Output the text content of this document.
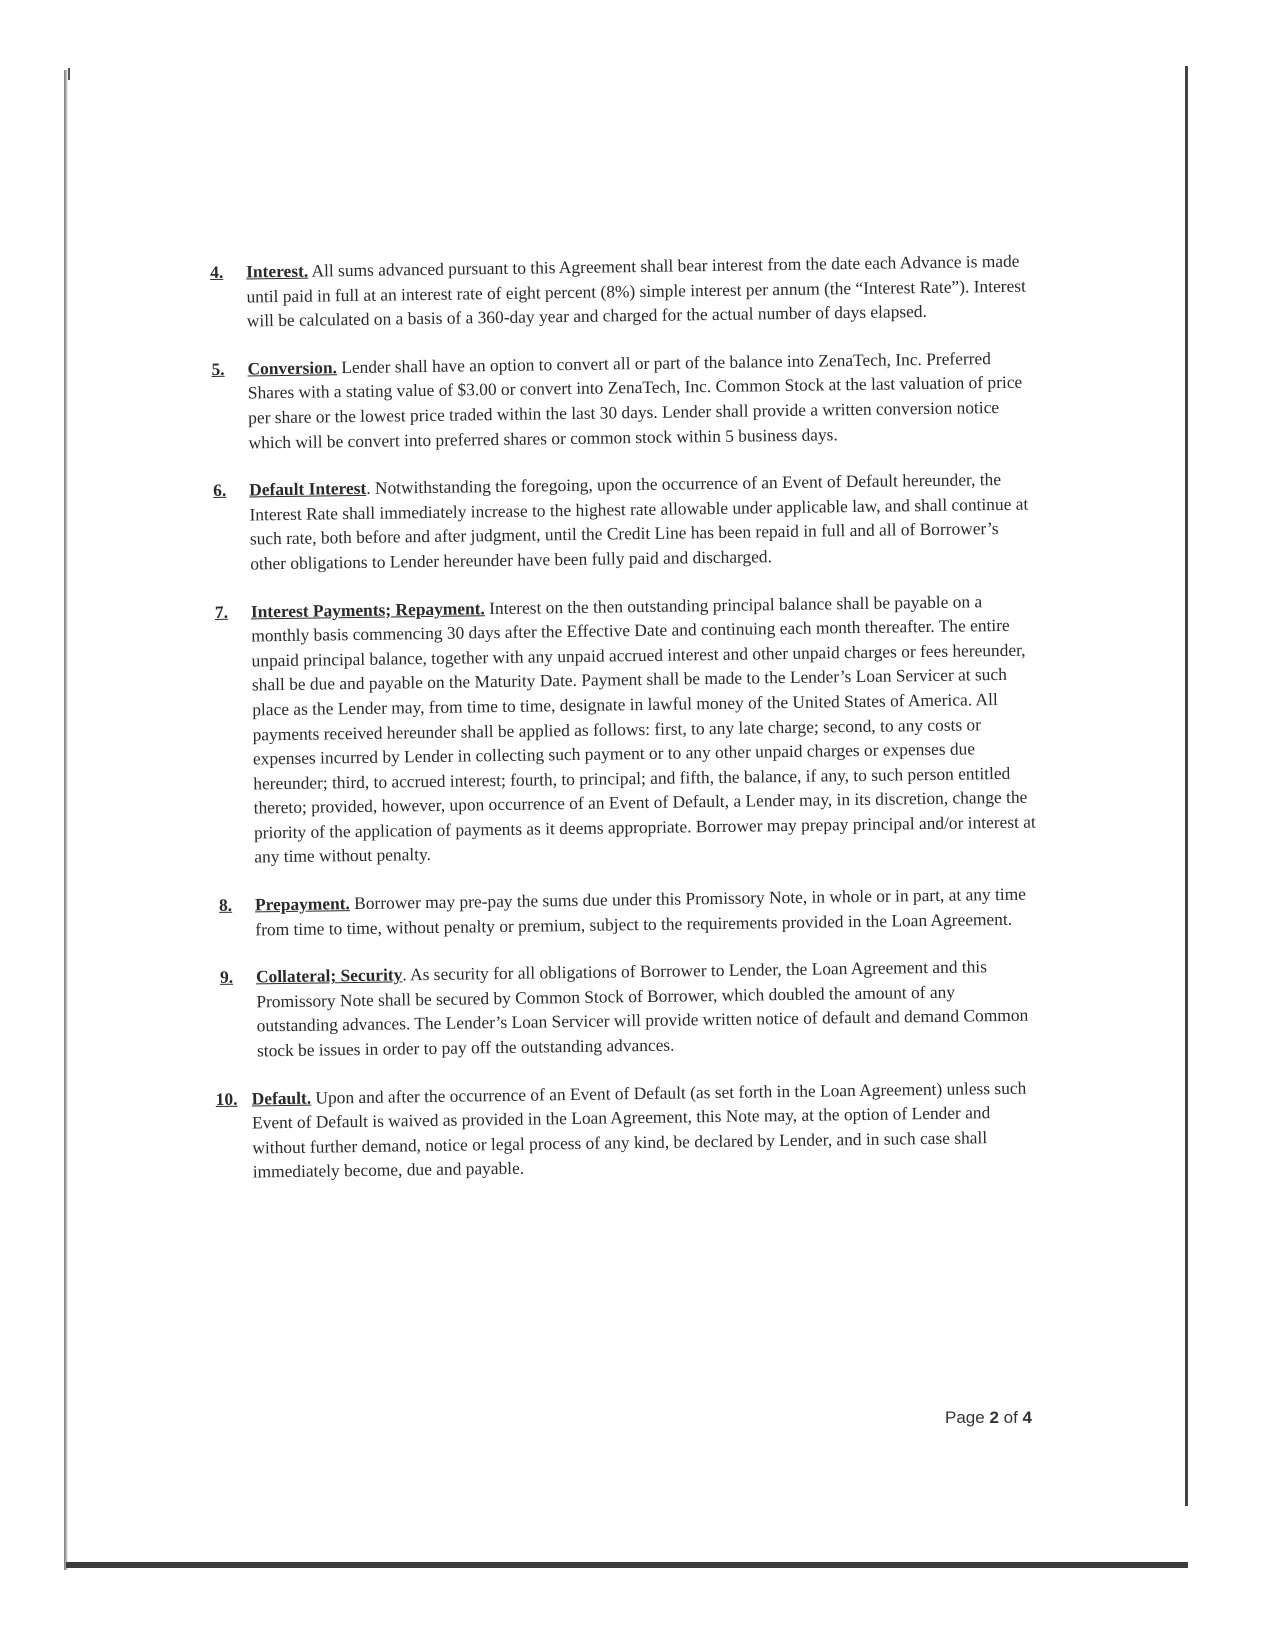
4. Interest. All sums advanced pursuant to this Agreement shall bear interest from the date each Advance is made until paid in full at an interest rate of eight percent (8%) simple interest per annum (the “Interest Rate”). Interest will be calculated on a basis of a 360-day year and charged for the actual number of days elapsed.
5. Conversion. Lender shall have an option to convert all or part of the balance into ZenaTech, Inc. Preferred Shares with a stating value of $3.00 or convert into ZenaTech, Inc. Common Stock at the last valuation of price per share or the lowest price traded within the last 30 days. Lender shall provide a written conversion notice which will be convert into preferred shares or common stock within 5 business days.
6. Default Interest. Notwithstanding the foregoing, upon the occurrence of an Event of Default hereunder, the Interest Rate shall immediately increase to the highest rate allowable under applicable law, and shall continue at such rate, both before and after judgment, until the Credit Line has been repaid in full and all of Borrower’s other obligations to Lender hereunder have been fully paid and discharged.
7. Interest Payments; Repayment. Interest on the then outstanding principal balance shall be payable on a monthly basis commencing 30 days after the Effective Date and continuing each month thereafter. The entire unpaid principal balance, together with any unpaid accrued interest and other unpaid charges or fees hereunder, shall be due and payable on the Maturity Date. Payment shall be made to the Lender’s Loan Servicer at such place as the Lender may, from time to time, designate in lawful money of the United States of America. All payments received hereunder shall be applied as follows: first, to any late charge; second, to any costs or expenses incurred by Lender in collecting such payment or to any other unpaid charges or expenses due hereunder; third, to accrued interest; fourth, to principal; and fifth, the balance, if any, to such person entitled thereto; provided, however, upon occurrence of an Event of Default, a Lender may, in its discretion, change the priority of the application of payments as it deems appropriate. Borrower may prepay principal and/or interest at any time without penalty.
8. Prepayment. Borrower may pre-pay the sums due under this Promissory Note, in whole or in part, at any time from time to time, without penalty or premium, subject to the requirements provided in the Loan Agreement.
9. Collateral; Security. As security for all obligations of Borrower to Lender, the Loan Agreement and this Promissory Note shall be secured by Common Stock of Borrower, which doubled the amount of any outstanding advances. The Lender’s Loan Servicer will provide written notice of default and demand Common stock be issues in order to pay off the outstanding advances.
10. Default. Upon and after the occurrence of an Event of Default (as set forth in the Loan Agreement) unless such Event of Default is waived as provided in the Loan Agreement, this Note may, at the option of Lender and without further demand, notice or legal process of any kind, be declared by Lender, and in such case shall immediately become, due and payable.
Page 2 of 4
